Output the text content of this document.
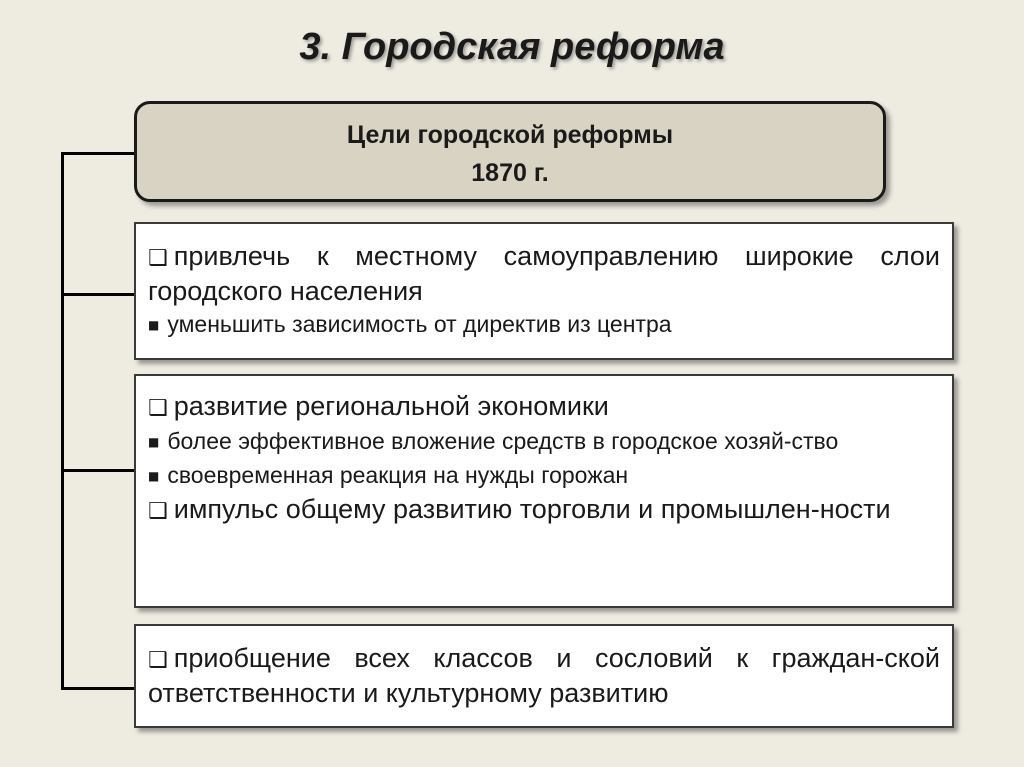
3. Городская реформа
Цели городской реформы
1870 г.

❑ привлечь к местному самоуправлению широкие слои городского населения

■ уменьшить зависимость от директив из центра

❑ развитие региональной экономики

■ более эффективное вложение средств в городское хозяй-ство

■ своевременная реакция на нужды горожан

❑ импульс общему развитию торговли и промышлен-ности

❑ приобщение всех классов и сословий к граждан-ской ответственности и культурному развитию
